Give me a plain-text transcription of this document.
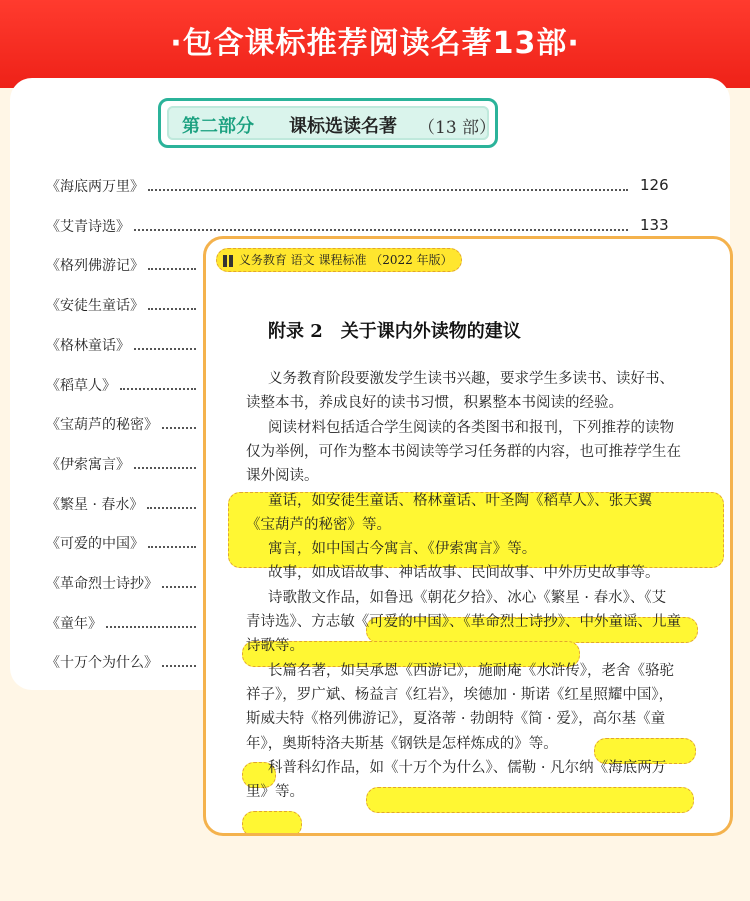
·包含课标推荐阅读名著13部·
第二部分 课标选读名著 （13 部）
《海底两万里》	126
《艾青诗选》	133
《格列佛游记》
《安徒生童话》
《格林童话》
《稻草人》
《宝葫芦的秘密》
《伊索寓言》
《繁星 · 春水》
《可爱的中国》
《革命烈士诗抄》
《童年》
《十万个为什么》
义务教育 语文 课程标准 （2022 年版）
附录 2　关于课内外读物的建议
义务教育阶段要激发学生读书兴趣，要求学生多读书、读好书、
读整本书，养成良好的读书习惯，积累整本书阅读的经验。
阅读材料包括适合学生阅读的各类图书和报刊，下列推荐的读物
仅为举例，可作为整本书阅读等学习任务群的内容，也可推荐学生在
课外阅读。
童话，如安徒生童话、格林童话、叶圣陶《稻草人》、张天翼
《宝葫芦的秘密》等。
寓言，如中国古今寓言、《伊索寓言》等。
故事，如成语故事、神话故事、民间故事、中外历史故事等。
诗歌散文作品，如鲁迅《朝花夕拾》、冰心《繁星 · 春水》、《艾
青诗选》、方志敏《可爱的中国》、《革命烈士诗抄》、中外童谣、儿童
诗歌等。
长篇名著，如吴承恩《西游记》，施耐庵《水浒传》，老舍《骆驼
祥子》，罗广斌、杨益言《红岩》，埃德加 · 斯诺《红星照耀中国》，
斯威夫特《格列佛游记》，夏洛蒂 · 勃朗特《简 · 爱》，高尔基《童
年》，奥斯特洛夫斯基《钢铁是怎样炼成的》等。
科普科幻作品，如《十万个为什么》、儒勒 · 凡尔纳《海底两万
里》等。
